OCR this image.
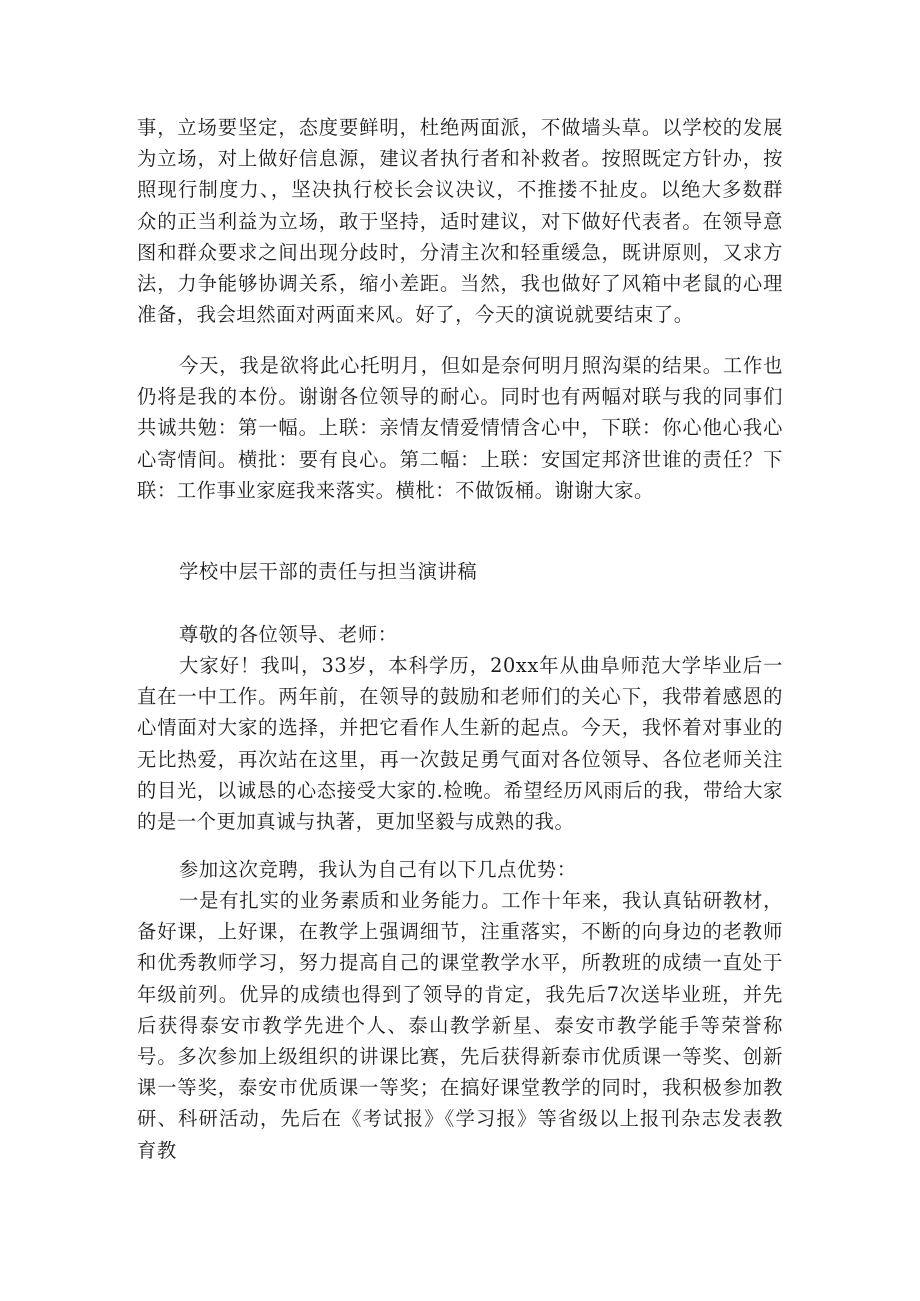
事，立场要坚定，态度要鲜明，杜绝两面派，不做墙头草。以学校的发展为立场，对上做好信息源，建议者执行者和补救者。按照既定方针办，按照现行制度力、，坚决执行校长会议决议，不推搂不扯皮。以绝大多数群众的正当利益为立场，敢于坚持，适时建议，对下做好代表者。在领导意图和群众要求之间出现分歧时，分清主次和轻重缓急，既讲原则，又求方法，力争能够协调关系，缩小差距。当然，我也做好了风箱中老鼠的心理准备，我会坦然面对两面来风。好了，今天的演说就要结束了。

今天，我是欲将此心托明月，但如是奈何明月照沟渠的结果。工作也仍将是我的本份。谢谢各位领导的耐心。同时也有两幅对联与我的同事们共诚共勉：第一幅。上联：亲情友情爱情情含心中，下联：你心他心我心心寄情间。横批：要有良心。第二幅：上联：安国定邦济世谁的责任？下联：工作事业家庭我来落实。横枇：不做饭桶。谢谢大家。

学校中层干部的责任与担当演讲稿

尊敬的各位领导、老师：

大家好！我叫，33岁，本科学历，20xx年从曲阜师范大学毕业后一直在一中工作。两年前，在领导的鼓励和老师们的关心下，我带着感恩的心情面对大家的选择，并把它看作人生新的起点。今天，我怀着对事业的无比热爱，再次站在这里，再一次鼓足勇气面对各位领导、各位老师关注的目光，以诚恳的心态接受大家的.检晚。希望经历风雨后的我，带给大家的是一个更加真诚与执著，更加坚毅与成熟的我。

参加这次竞聘，我认为自己有以下几点优势：

一是有扎实的业务素质和业务能力。工作十年来，我认真钻研教材，备好课，上好课，在教学上强调细节，注重落实，不断的向身边的老教师和优秀教师学习，努力提高自己的课堂教学水平，所教班的成绩一直处于年级前列。优异的成绩也得到了领导的肯定，我先后7次送毕业班，并先后获得泰安市教学先进个人、泰山教学新星、泰安市教学能手等荣誉称号。多次参加上级组织的讲课比赛，先后获得新泰市优质课一等奖、创新课一等奖，泰安市优质课一等奖；在搞好课堂教学的同时，我积极参加教研、科研活动，先后在《考试报》《学习报》等省级以上报刊杂志发表教育教
